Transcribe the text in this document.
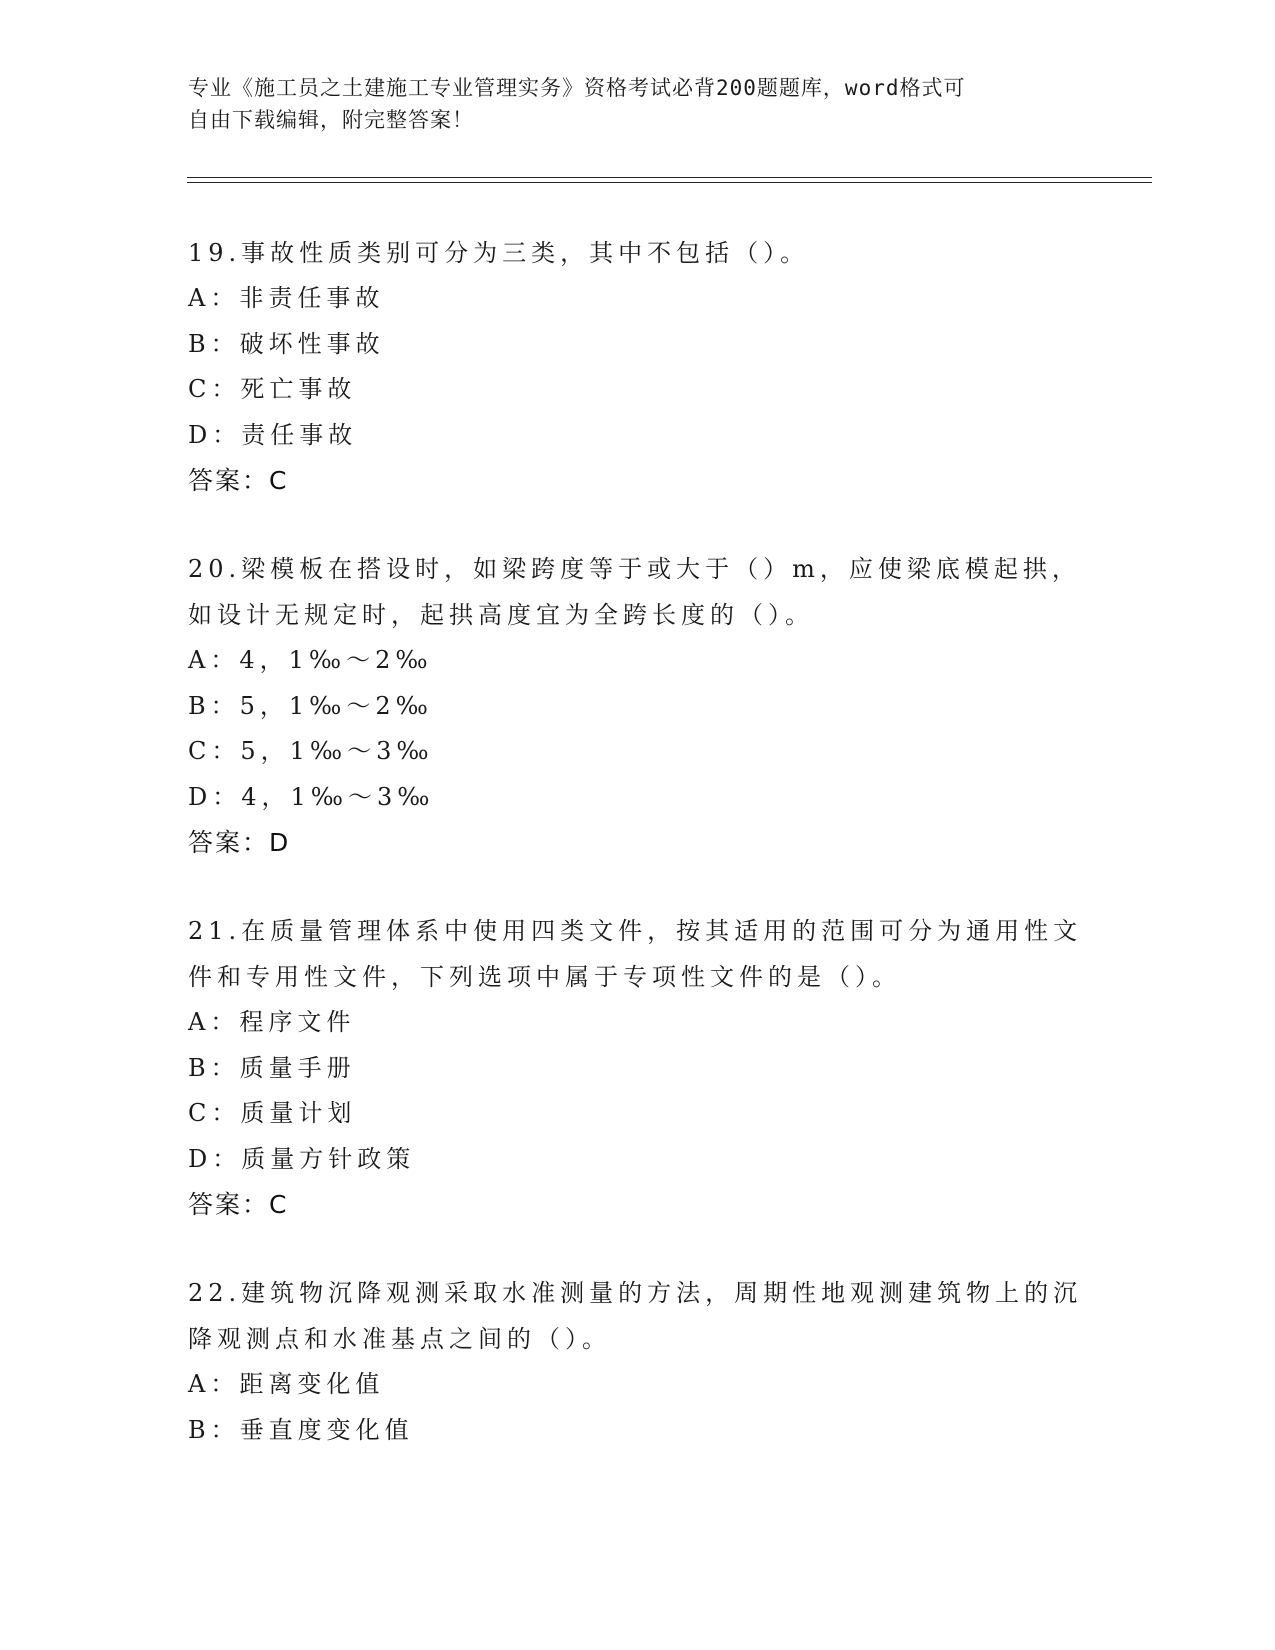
专业《施工员之土建施工专业管理实务》资格考试必背200题题库，word格式可
自由下载编辑，附完整答案！

19.事故性质类别可分为三类，其中不包括（）。

A：非责任事故
B：破坏性事故
C：死亡事故
D：责任事故
答案：C

20.梁模板在搭设时，如梁跨度等于或大于（）m，应使梁底模起拱，

如设计无规定时，起拱高度宜为全跨长度的（）。

A：4，1‰～2‰
B：5，1‰～2‰
C：5，1‰～3‰
D：4，1‰～3‰
答案：D

21.在质量管理体系中使用四类文件，按其适用的范围可分为通用性文

件和专用性文件，下列选项中属于专项性文件的是（）。

A：程序文件
B：质量手册
C：质量计划
D：质量方针政策
答案：C

22.建筑物沉降观测采取水准测量的方法，周期性地观测建筑物上的沉

降观测点和水准基点之间的（）。

A：距离变化值
B：垂直度变化值
